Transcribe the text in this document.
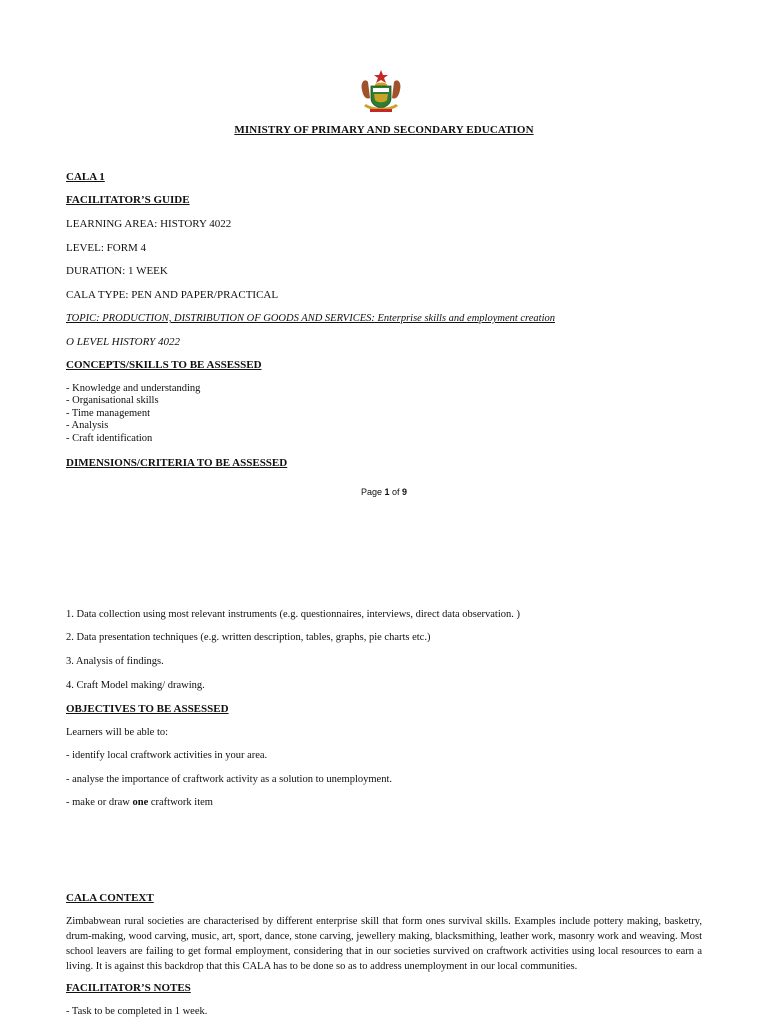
MINISTRY OF PRIMARY AND SECONDARY EDUCATION
CALA 1
FACILITATOR’S GUIDE
LEARNING AREA: HISTORY 4022
LEVEL: FORM 4
DURATION: 1 WEEK
CALA TYPE: PEN AND PAPER/PRACTICAL
TOPIC: PRODUCTION, DISTRIBUTION OF GOODS AND SERVICES: Enterprise skills and employment creation
O LEVEL HISTORY 4022
CONCEPTS/SKILLS TO BE ASSESSED
- Knowledge and understanding
- Organisational skills
- Time management
- Analysis
- Craft identification
DIMENSIONS/CRITERIA TO BE ASSESSED
Page 1 of 9
1. Data collection using most relevant instruments (e.g. questionnaires, interviews, direct data observation. )
2. Data presentation techniques (e.g. written description, tables, graphs, pie charts etc.)
3. Analysis of findings.
4. Craft Model making/ drawing.
OBJECTIVES TO BE ASSESSED
Learners will be able to:
- identify local craftwork activities in your area.
- analyse the importance of craftwork activity as a solution to unemployment.
- make or draw one craftwork item
CALA CONTEXT
Zimbabwean rural societies are characterised by different enterprise skill that form ones survival skills. Examples include pottery making, basketry, drum-making, wood carving, music, art, sport, dance, stone carving, jewellery making, blacksmithing, leather work, masonry work and weaving. Most school leavers are failing to get formal employment, considering that in our societies survived on craftwork activities using local resources to earn a living. It is against this backdrop that this CALA has to be done so as to address unemployment in our local communities.
FACILITATOR’S NOTES
- Task to be completed in 1 week.
